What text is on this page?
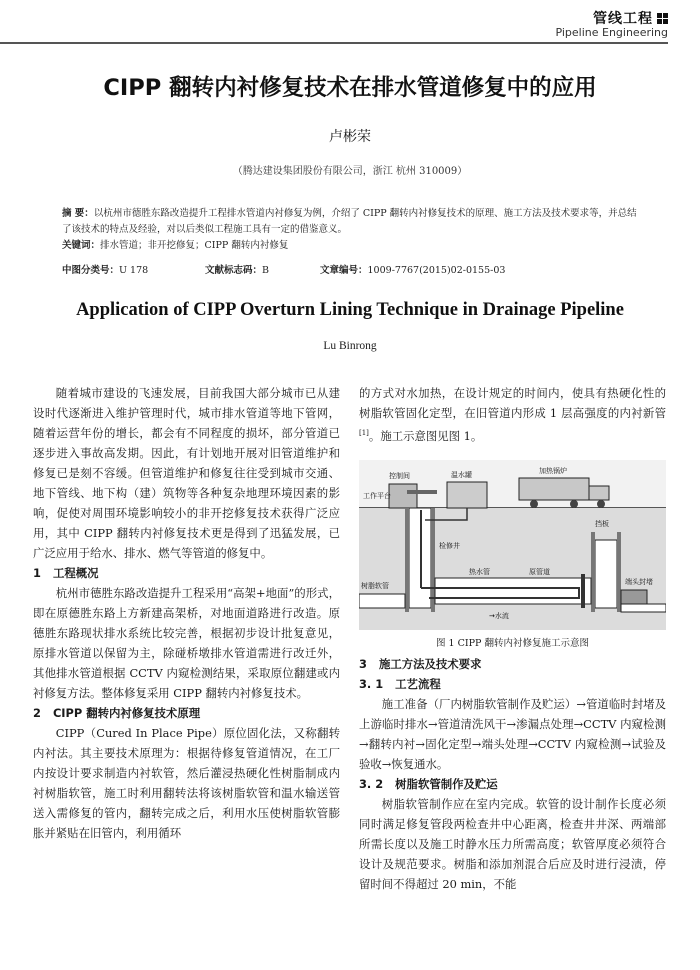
管线工程
Pipeline Engineering
CIPP 翻转内衬修复技术在排水管道修复中的应用
卢彬荣
（腾达建设集团股份有限公司，浙江 杭州 310009）
摘 要：以杭州市德胜东路改造提升工程排水管道内衬修复为例，介绍了 CIPP 翻转内衬修复技术的原理、施工方法及技术要求等，并总结了该技术的特点及经验，对以后类似工程施工具有一定的借鉴意义。
关键词：排水管道；非开挖修复；CIPP 翻转内衬修复
中图分类号：U 178	文献标志码：B	文章编号：1009-7767(2015)02-0155-03
Application of CIPP Overturn Lining Technique in Drainage Pipeline
Lu Binrong

随着城市建设的飞速发展，目前我国大部分城市已从建设时代逐渐进入维护管理时代，城市排水管道等地下管网，随着运营年份的增长，都会有不同程度的损坏，部分管道已逐步进入事故高发期。因此，有计划地开展对旧管道维护和修复已是刻不容缓。但管道维护和修复往往受到城市交通、地下管线、地下构（建）筑物等各种复杂地理环境因素的影响，促使对周围环境影响较小的非开挖修复技术获得广泛应用，其中 CIPP 翻转内衬修复技术更是得到了迅猛发展，已广泛应用于给水、排水、燃气等管道的修复中。

1 工程概况

杭州市德胜东路改造提升工程采用“高架+地面”的形式，即在原德胜东路上方新建高架桥，对地面道路进行改造。原德胜东路现状排水系统比较完善，根据初步设计批复意见，原排水管道以保留为主，除碰桥墩排水管道需进行改迁外，其他排水管道根据 CCTV 内窥检测结果，采取原位翻建或内衬修复方法。整体修复采用 CIPP 翻转内衬修复技术。

2 CIPP 翻转内衬修复技术原理

CIPP（Cured In Place Pipe）原位固化法，又称翻转内衬法。其主要技术原理为：根据待修复管道情况，在工厂内按设计要求制造内衬软管，然后灌浸热硬化性树脂制成内衬树脂软管，施工时利用翻转法将该树脂软管和温水输送管送入需修复的管内，翻转完成之后，利用水压使树脂软管膨胀并紧贴在旧管内，利用循环

的方式对水加热，在设计规定的时间内，使具有热硬化性的树脂软管固化定型，在旧管道内形成 1 层高强度的内衬新管[1]。施工示意图见图 1。

控制间	温水罐	加热锅炉
工作平台
检修井
树脂软管
热水管	原管道
挡板
端头封堵
→水流

图 1 CIPP 翻转内衬修复施工示意图

3 施工方法及技术要求
3. 1 工艺流程

施工准备（厂内树脂软管制作及贮运）→管道临时封堵及上游临时排水→管道清洗风干→渗漏点处理→CCTV 内窥检测→翻转内衬→固化定型→端头处理→CCTV 内窥检测→试验及验收→恢复通水。

3. 2 树脂软管制作及贮运

树脂软管制作应在室内完成。软管的设计制作长度必须同时满足修复管段两检查井中心距离，检查井井深、两端部所需长度以及施工时静水压力所需高度；软管厚度必须符合设计及规范要求。树脂和添加剂混合后应及时进行浸渍，停留时间不得超过 20 min，不能
